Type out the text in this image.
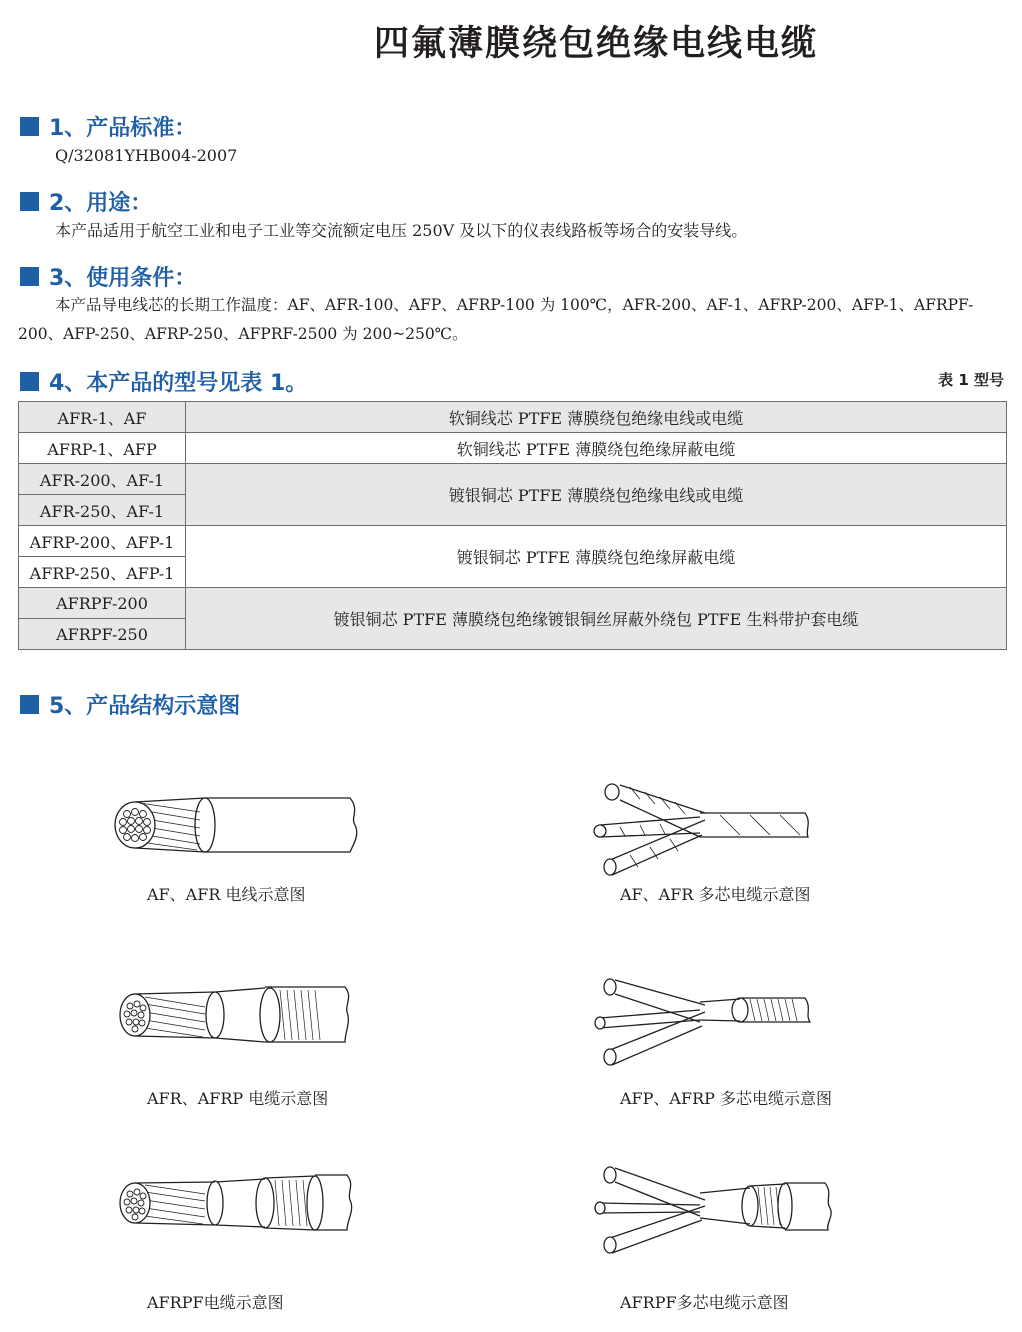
四氟薄膜绕包绝缘电线电缆
1、产品标准：
Q/32081YHB004-2007
2、用途：
本产品适用于航空工业和电子工业等交流额定电压 250V 及以下的仪表线路板等场合的安装导线。
3、使用条件：
本产品导电线芯的长期工作温度：AF、AFR-100、AFP、AFRP-100 为 100℃，AFR-200、AF-1、AFRP-200、AFP-1、AFRPF-
200、AFP-250、AFRP-250、AFPRF-2500 为 200~250℃。
4、本产品的型号见表 1。	表 1 型号
AFR-1、AF	软铜线芯 PTFE 薄膜绕包绝缘电线或电缆
AFRP-1、AFP	软铜线芯 PTFE 薄膜绕包绝缘屏蔽电缆
AFR-200、AF-1	镀银铜芯 PTFE 薄膜绕包绝缘电线或电缆
AFR-250、AF-1	
AFRP-200、AFP-1	镀银铜芯 PTFE 薄膜绕包绝缘屏蔽电缆
AFRP-250、AFP-1	
AFRPF-200	镀银铜芯 PTFE 薄膜绕包绝缘镀银铜丝屏蔽外绕包 PTFE 生料带护套电缆
AFRPF-250	
5、产品结构示意图
AF、AFR 电线示意图	AF、AFR 多芯电缆示意图
AFR、AFRP 电缆示意图	AFP、AFRP 多芯电缆示意图
AFRPF电缆示意图	AFRPF多芯电缆示意图
